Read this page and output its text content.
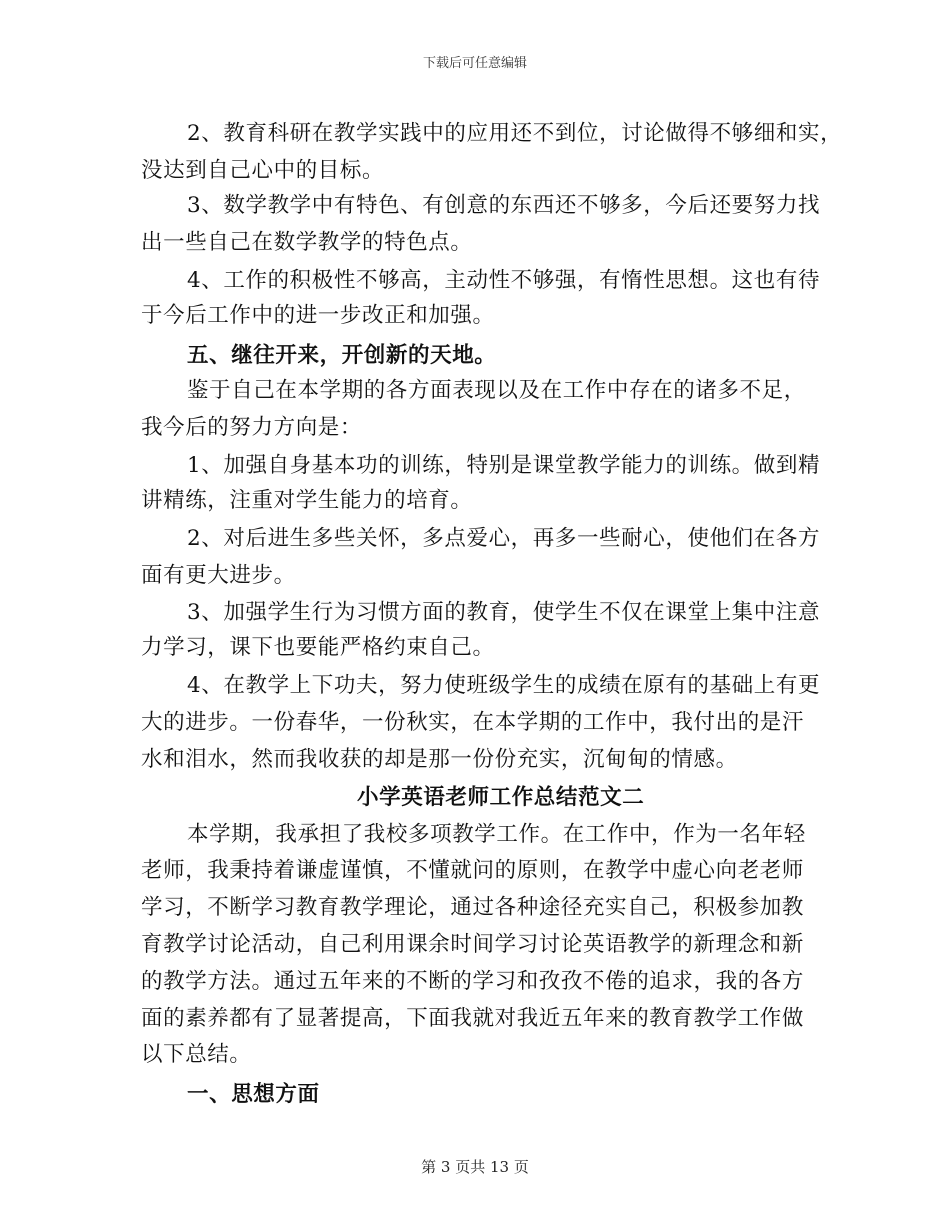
下载后可任意编辑
2、教育科研在教学实践中的应用还不到位，讨论做得不够细和实，
没达到自己心中的目标。
3、数学教学中有特色、有创意的东西还不够多，今后还要努力找
出一些自己在数学教学的特色点。
4、工作的积极性不够高，主动性不够强，有惰性思想。这也有待
于今后工作中的进一步改正和加强。
五、继往开来，开创新的天地。
鉴于自己在本学期的各方面表现以及在工作中存在的诸多不足，
我今后的努力方向是：
1、加强自身基本功的训练，特别是课堂教学能力的训练。做到精
讲精练，注重对学生能力的培育。
2、对后进生多些关怀，多点爱心，再多一些耐心，使他们在各方
面有更大进步。
3、加强学生行为习惯方面的教育，使学生不仅在课堂上集中注意
力学习，课下也要能严格约束自己。
4、在教学上下功夫，努力使班级学生的成绩在原有的基础上有更
大的进步。一份春华，一份秋实，在本学期的工作中，我付出的是汗
水和泪水，然而我收获的却是那一份份充实，沉甸甸的情感。
小学英语老师工作总结范文二
本学期，我承担了我校多项教学工作。在工作中，作为一名年轻
老师，我秉持着谦虚谨慎，不懂就问的原则，在教学中虚心向老老师
学习，不断学习教育教学理论，通过各种途径充实自己，积极参加教
育教学讨论活动，自己利用课余时间学习讨论英语教学的新理念和新
的教学方法。通过五年来的不断的学习和孜孜不倦的追求，我的各方
面的素养都有了显著提高，下面我就对我近五年来的教育教学工作做
以下总结。
一、思想方面
第 3 页共 13 页
